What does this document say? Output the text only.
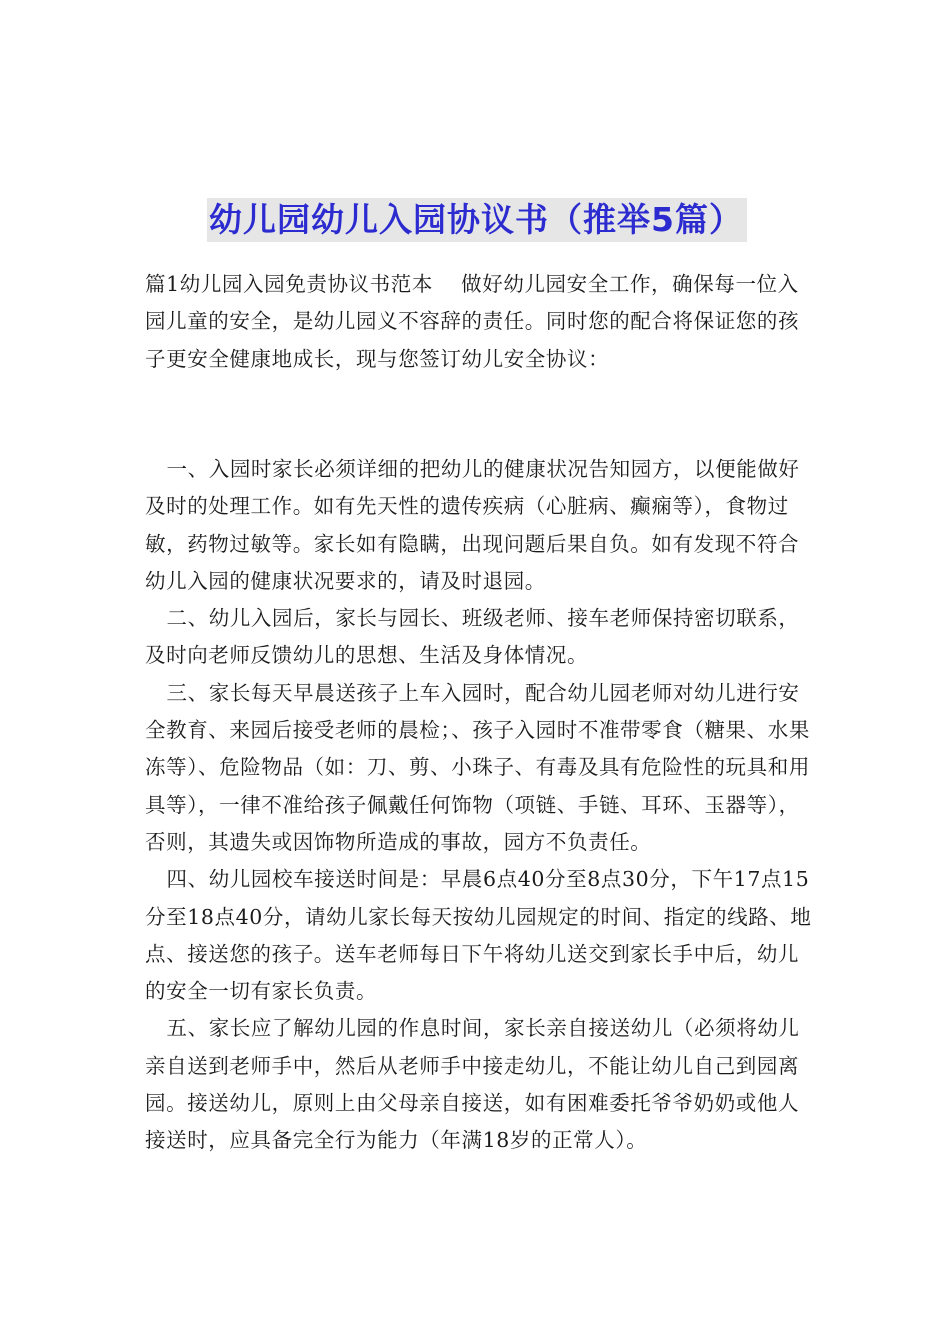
幼儿园幼儿入园协议书（推举5篇）

篇1幼儿园入园免责协议书范本　 做好幼儿园安全工作，确保每一位入园儿童的安全，是幼儿园义不容辞的责任。同时您的配合将保证您的孩子更安全健康地成长，现与您签订幼儿安全协议：

一、入园时家长必须详细的把幼儿的健康状况告知园方，以便能做好及时的处理工作。如有先天性的遗传疾病（心脏病、癫痫等），食物过敏，药物过敏等。家长如有隐瞒，出现问题后果自负。如有发现不符合幼儿入园的健康状况要求的，请及时退园。

二、幼儿入园后，家长与园长、班级老师、接车老师保持密切联系，及时向老师反馈幼儿的思想、生活及身体情况。

三、家长每天早晨送孩子上车入园时，配合幼儿园老师对幼儿进行安全教育、来园后接受老师的晨检；、孩子入园时不准带零食（糖果、水果冻等）、危险物品（如：刀、剪、小珠子、有毒及具有危险性的玩具和用具等），一律不准给孩子佩戴任何饰物（项链、手链、耳环、玉器等），否则，其遗失或因饰物所造成的事故，园方不负责任。

四、幼儿园校车接送时间是：早晨6点40分至8点30分，下午17点15分至18点40分，请幼儿家长每天按幼儿园规定的时间、指定的线路、地点、接送您的孩子。送车老师每日下午将幼儿送交到家长手中后，幼儿的安全一切有家长负责。

五、家长应了解幼儿园的作息时间，家长亲自接送幼儿（必须将幼儿亲自送到老师手中，然后从老师手中接走幼儿，不能让幼儿自己到园离园。接送幼儿，原则上由父母亲自接送，如有困难委托爷爷奶奶或他人接送时，应具备完全行为能力（年满18岁的正常人）。
